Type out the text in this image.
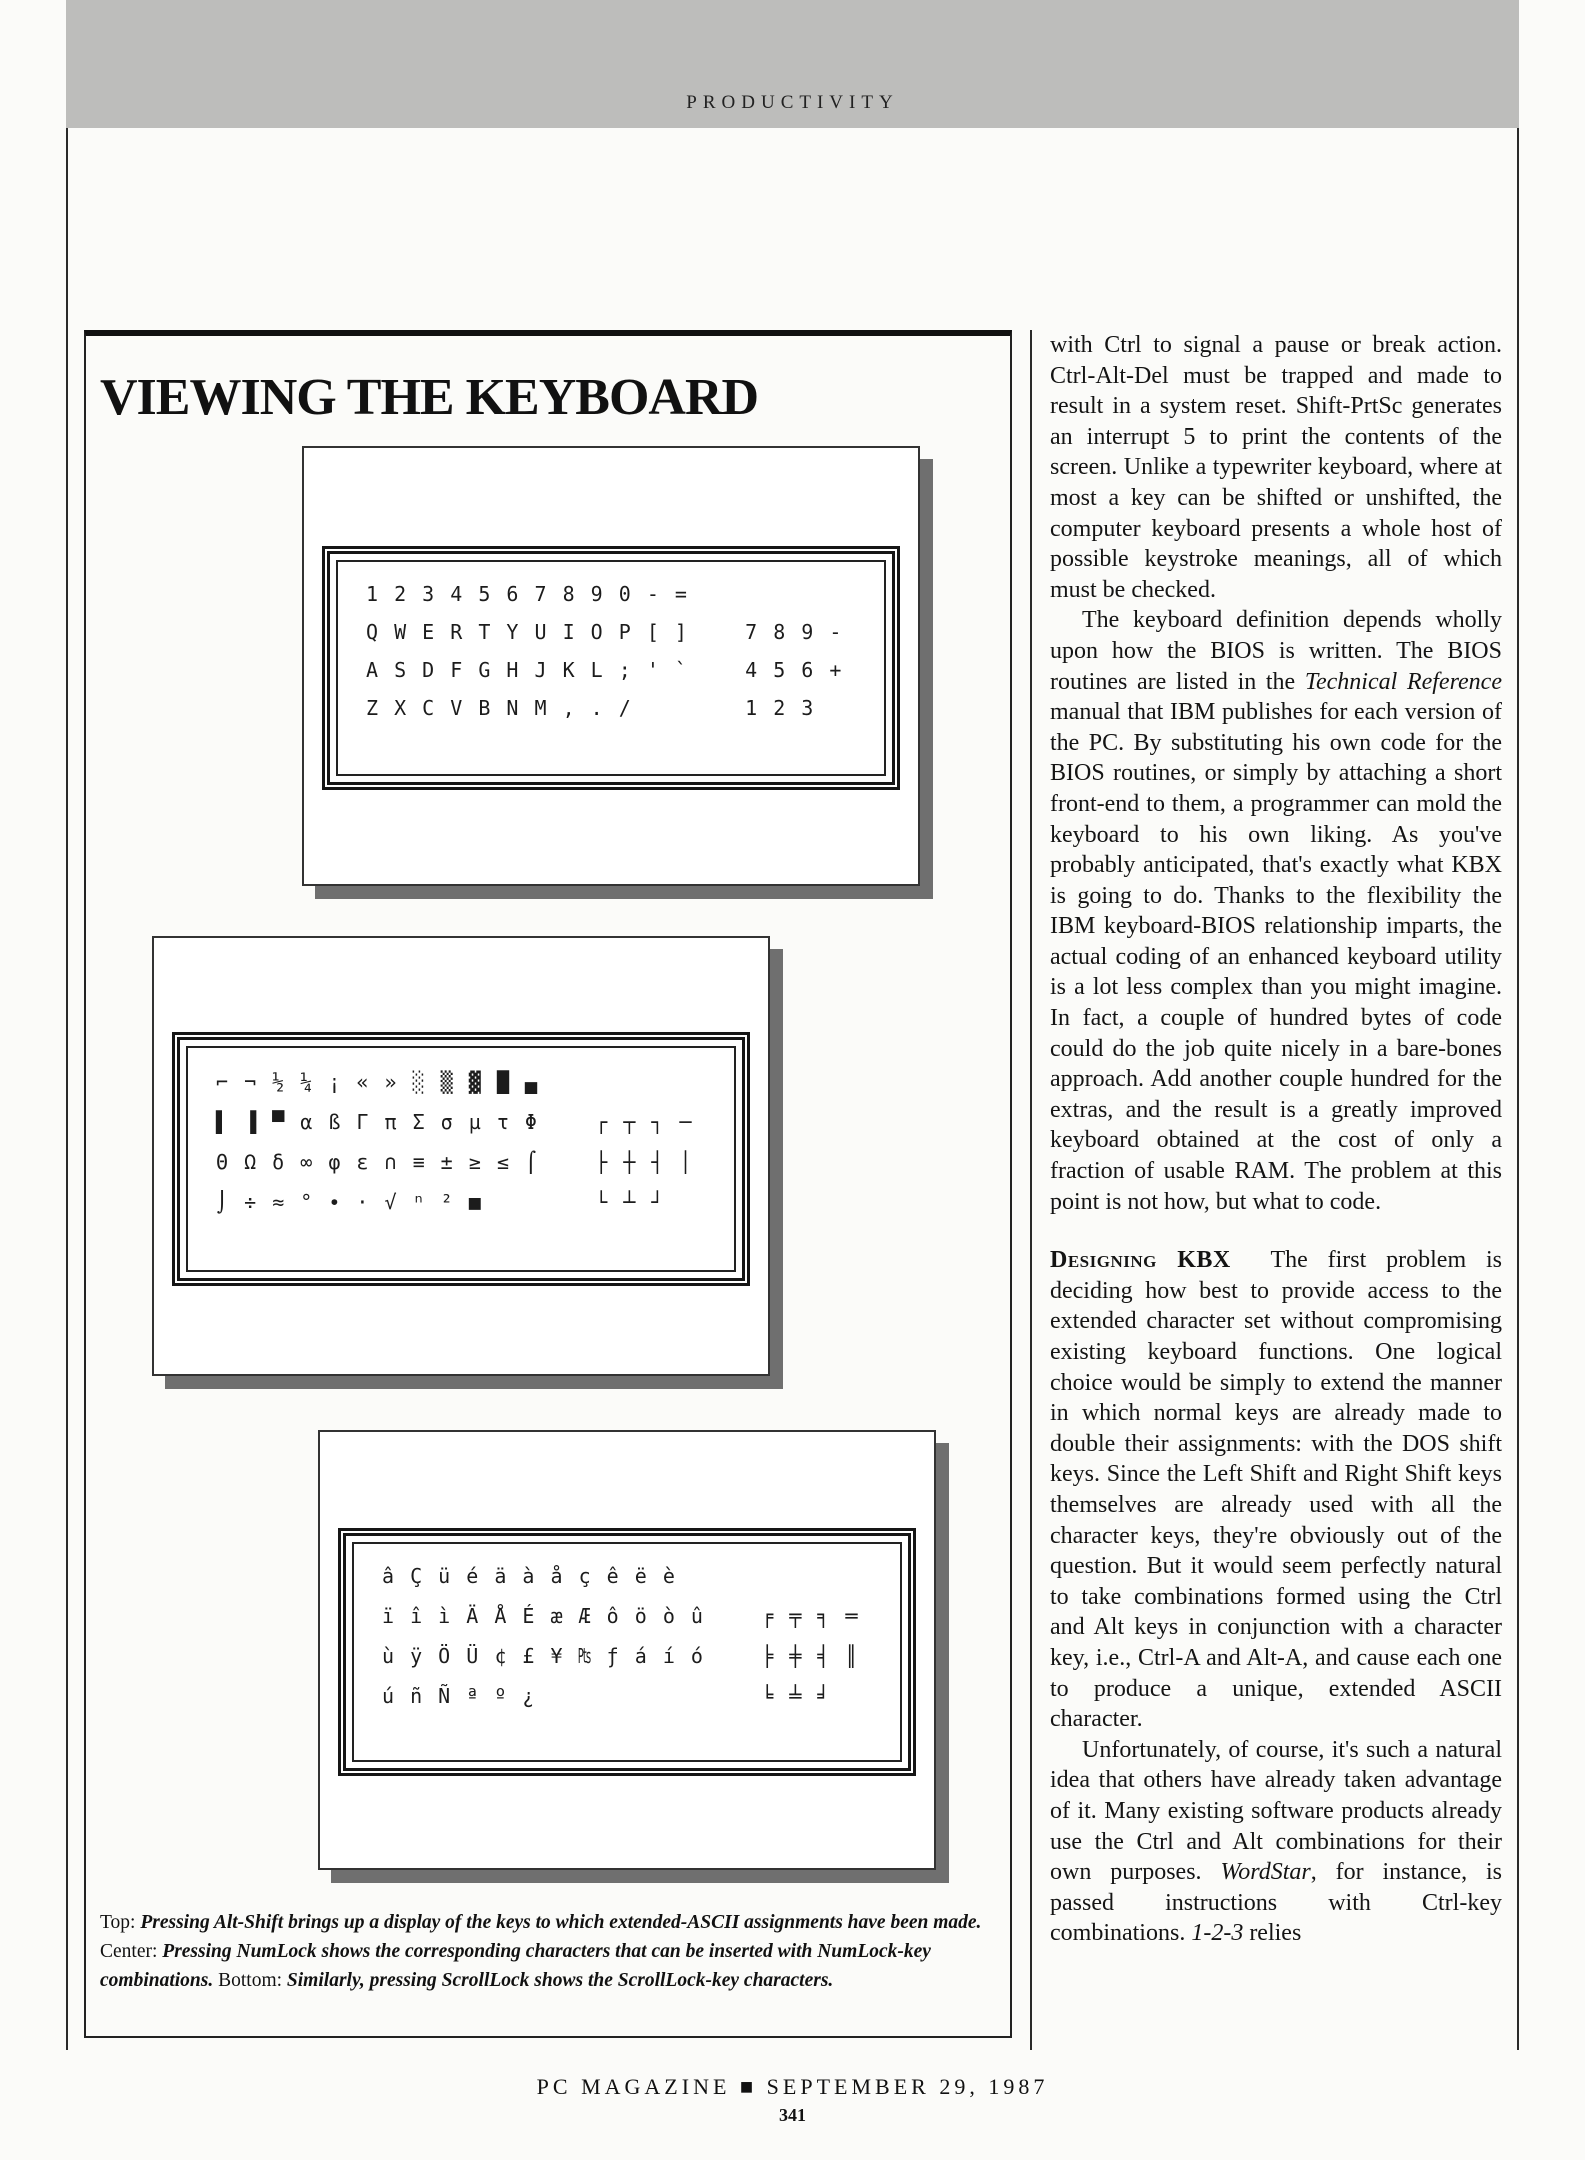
PRODUCTIVITY
VIEWING THE KEYBOARD
1 2 3 4 5 6 7 8 9 0 - =
Q W E R T Y U I O P [ ]    7 8 9 -
A S D F G H J K L ; ' `    4 5 6 +
Z X C V B N M , . /        1 2 3
⌐ ¬ ½ ¼ ¡ « » ░ ▒ ▓ █ ▄
▌ ▐ ▀ α ß Γ π Σ σ µ τ Φ    ┌ ┬ ┐ ─
Θ Ω δ ∞ φ ε ∩ ≡ ± ≥ ≤ ⌠    ├ ┼ ┤ │
⌡ ÷ ≈ ° ∙ · √ ⁿ ² ■        └ ┴ ┘
â Ç ü é ä à å ç ê ë è
ï î ì Ä Å É æ Æ ô ö ò û    ╒ ╤ ╕ ═
ù ÿ Ö Ü ¢ £ ¥ ₧ ƒ á í ó    ╞ ╪ ╡ ║
ú ñ Ñ ª º ¿                ╘ ╧ ╛

Top: Pressing Alt-Shift brings up a display of the keys to which extended-ASCII assignments have been made. Center: Pressing NumLock shows the corresponding characters that can be inserted with NumLock-key combinations. Bottom: Similarly, pressing ScrollLock shows the ScrollLock-key characters.

with Ctrl to signal a pause or break action. Ctrl-Alt-Del must be trapped and made to result in a system reset. Shift-PrtSc generates an interrupt 5 to print the contents of the screen. Unlike a typewriter keyboard, where at most a key can be shifted or unshifted, the computer keyboard presents a whole host of possible keystroke meanings, all of which must be checked.

The keyboard definition depends wholly upon how the BIOS is written. The BIOS routines are listed in the Technical Reference manual that IBM publishes for each version of the PC. By substituting his own code for the BIOS routines, or simply by attaching a short front-end to them, a programmer can mold the keyboard to his own liking. As you've probably anticipated, that's exactly what KBX is going to do. Thanks to the flexibility the IBM keyboard-BIOS relationship imparts, the actual coding of an enhanced keyboard utility is a lot less complex than you might imagine. In fact, a couple of hundred bytes of code could do the job quite nicely in a bare-bones approach. Add another couple hundred for the extras, and the result is a greatly improved keyboard obtained at the cost of only a fraction of usable RAM. The problem at this point is not how, but what to code.

Designing KBX The first problem is deciding how best to provide access to the extended character set without compromising existing keyboard functions. One logical choice would be simply to extend the manner in which normal keys are already made to double their assignments: with the DOS shift keys. Since the Left Shift and Right Shift keys themselves are already used with all the character keys, they're obviously out of the question. But it would seem perfectly natural to take combinations formed using the Ctrl and Alt keys in conjunction with a character key, i.e., Ctrl-A and Alt-A, and cause each one to produce a unique, extended ASCII character.

Unfortunately, of course, it's such a natural idea that others have already taken advantage of it. Many existing software products already use the Ctrl and Alt combinations for their own purposes. WordStar, for instance, is passed instructions with Ctrl-key combinations. 1-2-3 relies

PC MAGAZINE ■ SEPTEMBER 29, 1987
341
